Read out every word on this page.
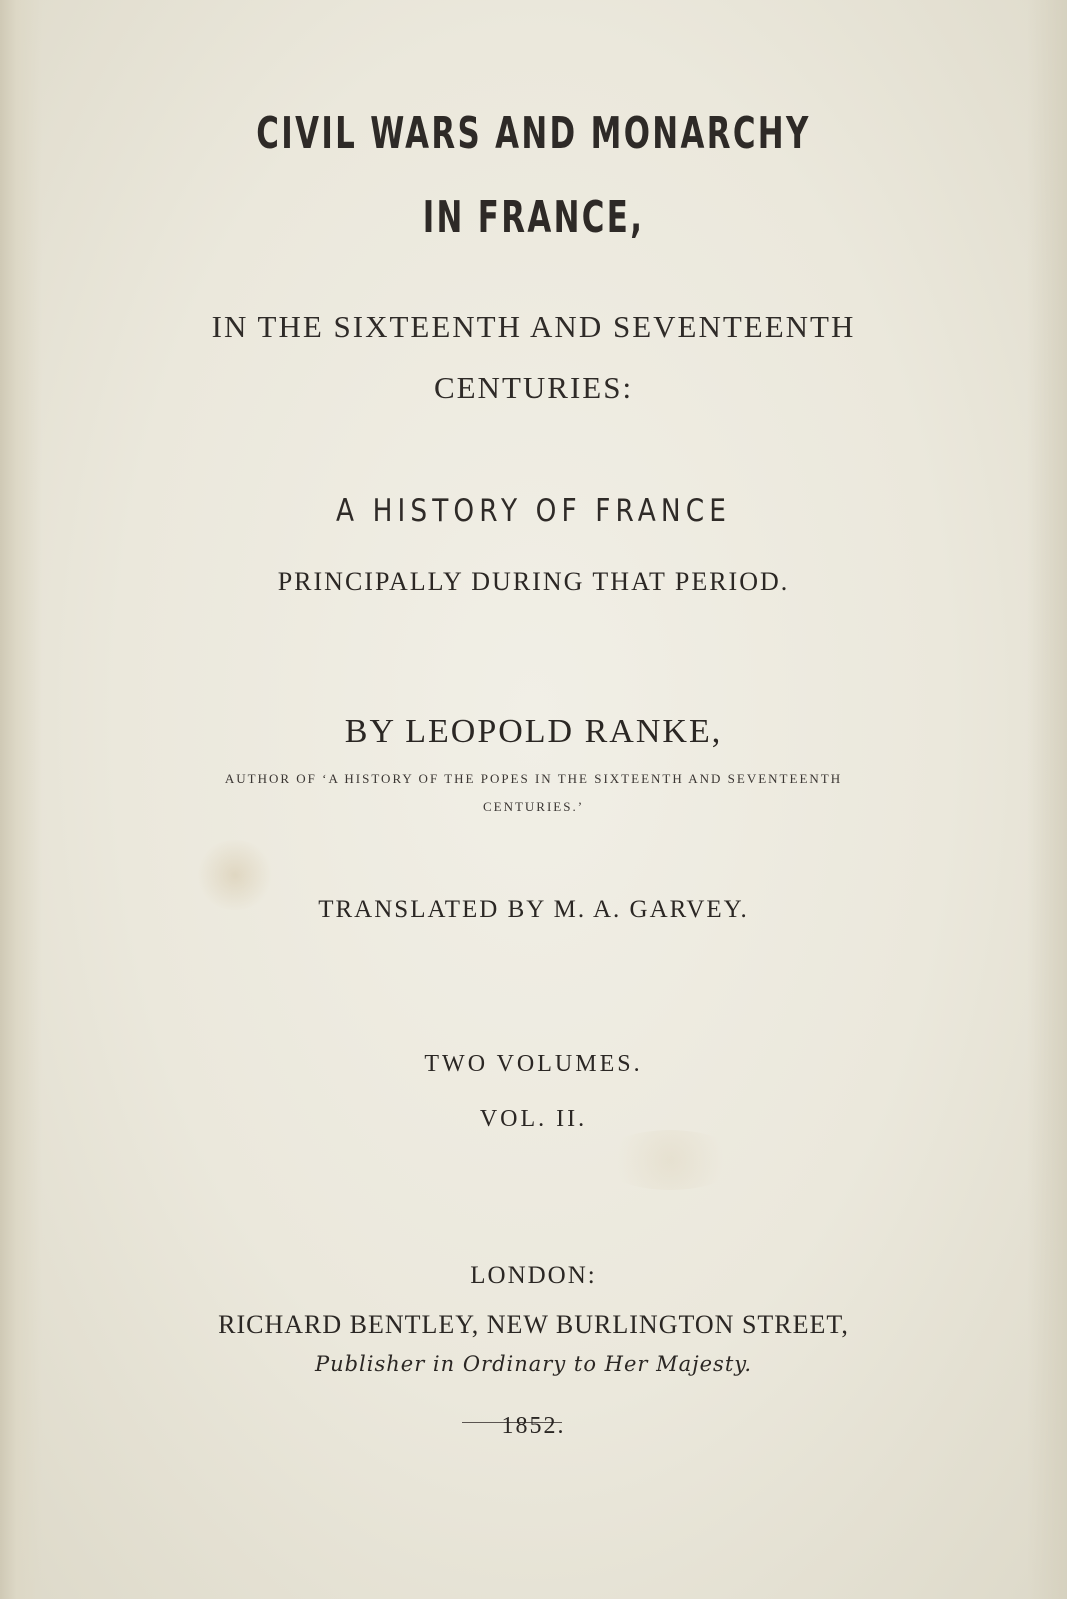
CIVIL WARS AND MONARCHY
IN FRANCE,
IN THE SIXTEENTH AND SEVENTEENTH
CENTURIES:
A HISTORY OF FRANCE
PRINCIPALLY DURING THAT PERIOD.
BY LEOPOLD RANKE,
AUTHOR OF ‘A HISTORY OF THE POPES IN THE SIXTEENTH AND SEVENTEENTH
CENTURIES.’
TRANSLATED BY M. A. GARVEY.
TWO VOLUMES.
VOL. II.
LONDON:
RICHARD BENTLEY, NEW BURLINGTON STREET,
Publisher in Ordinary to Her Majesty.
1852.
